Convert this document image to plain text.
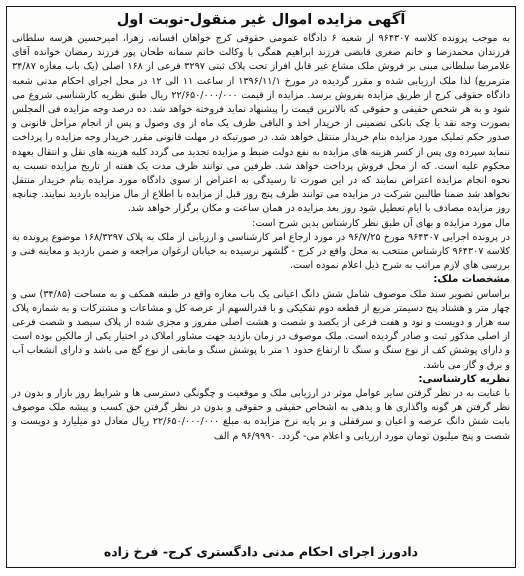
آگهی مزایده اموال غیر منقول-نوبت اول

به موجب پرونده کلاسه ۹۶۴۳۰۷ از شعبه ۶ دادگاه عمومی حقوقی کرج خواهان افسانه، زهرا، امیرحسین هرسه سلطانی فرزندان محمدرضا و خانم صغری قابضی فرزند ابراهیم همگی با وکالت خانم سمانه طحان پور فرزند رمضان خوانده آقای غلامرضا سلطانی مبنی بر فروش ملک مشاع غیر قابل افراز تحت پلاک ثبتی ۳۲۹۷ فرعی از ۱۶۸ اصلی (یک باب مغازه ۳۴/۸۷ مترمربع) لذا ملک ارزیابی شده و مقرر گردیده در مورخ ۱۳۹۶/۱۱/۱ از ساعت ۱۱ الی ۱۲ در محل اجرای احکام مدنی شعبه دادگاه حقوقی کرج از طریق مزایده بفروش برسد. مزایده از قیمت ۲۲/۶۵۰/۰۰۰/۰۰۰ ریال طبق نظریه کارشناسی شروع می شود و به هر شخص حقیقی و حقوقی که بالاترین قیمت را پیشنهاد نماید فروخته خواهد شد. ده درصد وجه مزایده فی المجلس بصورت وجه نقد یا چک بانکی تضمینی از خریدار اخذ و الباقی ظرف یک ماه از وی وصول و پس از انجام مراحل قانونی و صدور حکم تملیک مورد مزایده بنام خریدار منتقل خواهد شد. در صورتیکه در مهلت قانونی مقرر خریدار وجه مزایده را پرداخت ننماید سپرده وی پس از کسر هزینه های مزایده به نفع دولت ضبط و مزایده تجدید می گردد کلیه هزینه های نقل و انتقال بعهده محکوم علیه است. که از محل فروش پرداخت خواهد شد. طرفین می توانند ظرف مدت یک هفته از تاریخ مزایده نسبت به نحوه انجام مزایده اعتراض نمایند که در این صورت تا رسیدگی به اعتراض از سوی دادگاه مورد مزایده بنام خریدار منتقل نخواهد شد ضمنا طالبین شرکت در مزایده می توانند ظرف پنج روز قبل از مزایده با اطلاع از مال مزایده بازدید نمایند. چنانچه روز مزایده مصادف با ایام تعطیل شود روز بعد مزایده در همان ساعت و مکان برگزار خواهد شد.

مال مورد مزایده و بهای آن طبق نظر کارشناس بدین شرح است:

در پرونده اجرایی ۹۶۴۳۰۷ مورخ ۹۶/۷/۲۵ در مورد ارجاع امر کارشناسی و ارزیابی از ملک به پلاک ۱۶۸/۳۲۹۷ موضوع پرونده به کلاسه ۹۶۴۳۰۷ کارشناس منتخب به محل واقع در کرج - گلشهر نرسیده به خیابان ارغوان مراجعه و ضمن بازدید و معاینه فنی و بررسی های لازم مراتب به شرح ذیل اعلام نموده است.

مشخصات ملک:

براساس تصویر سند ملک موصوف شامل شش دانگ اعیانی یک باب مغازه واقع در طبقه همکف و به مساحت (۳۴/۸۵) سی و چهار متر و هشتاد پنج دسیمتر مربع از قطعه دوم تفکیکی و با قدرالسهم از عرصه کل و مشاعات و مشترکات و به شماره پلاک سه هزار و دویست و نود و هفت فرعی از یکصد و شصت و هشت اصلی مفروز و مجزی شده از پلاک سیصد و شصت فرعی از اصلی مذکور ثبت و صادر گردیده است. ملک موصوف در زمان بازدید جهت مشاور املاک در اختیار یکی از مالکین بوده است و دارای پوشش کف از نوع سنگ و سنگ تا ارتفاع حدود ۱ متر با پوشش سنگ و مابقی از نوع گچ می باشد و دارای انشعاب آب و برق و گاز می باشد.

نظریه کارشناسی:

با عنایت به در نظر گرفتن سایر عوامل موثر در ارزیابی ملک و موقعیت و چگونگی دسترسی ها و شرایط روز بازار و بدون در نظر گرفتن هر گونه واگذاری ها و بدهی به اشخاص حقیقی و حقوقی و بدون در نظر گرفتن حق کسب و پیشه ملک موصوف بابت شش دانگ عرصه و اعیان و سرقفلی و بر پایه نرخ مزایده به مبلغ ۲۲/۶۵۰/۰۰۰/۰۰۰ ریال معادل دو میلیارد و دویست و شصت و پنج میلیون تومان مورد ارزیابی و اعلام می- گردد. ۹۶/۹۹۹۰ م الف

دادورز اجرای احکام مدنی دادگستری کرج- فرخ زاده
